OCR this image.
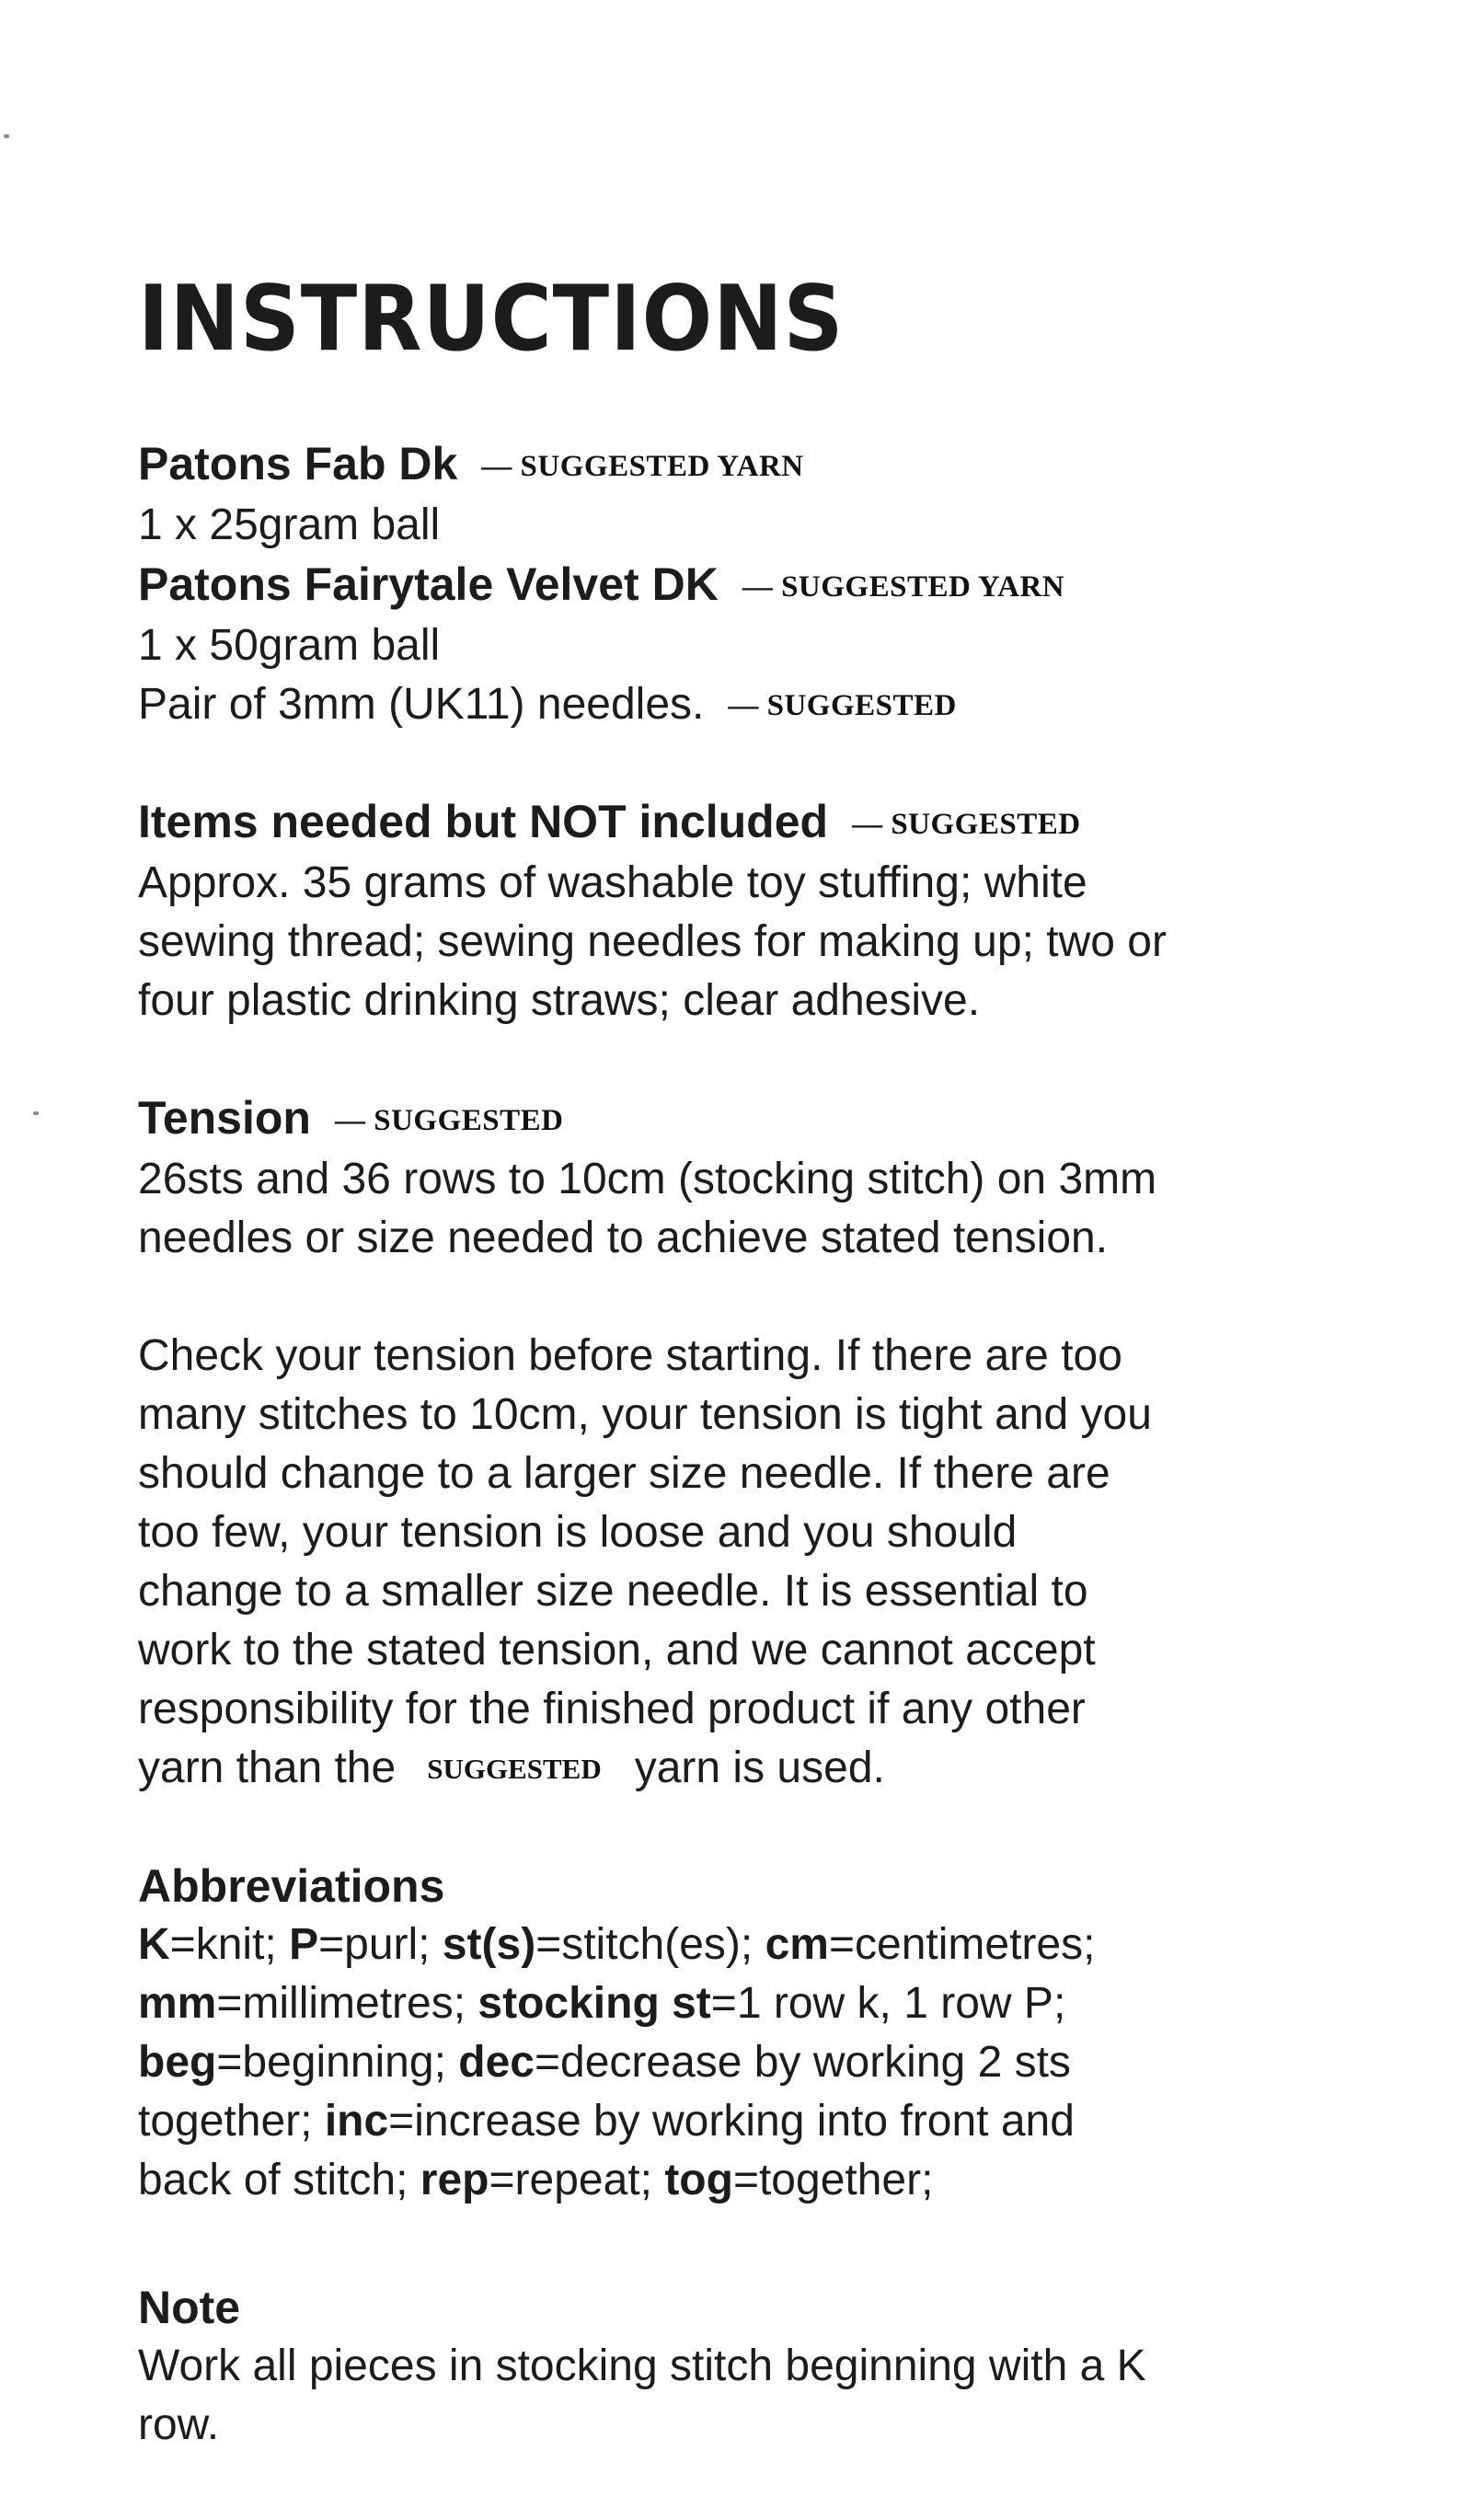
INSTRUCTIONS
Patons Fab Dk — SUGGESTED YARN
1 x 25gram ball
Patons Fairytale Velvet DK — SUGGESTED YARN
1 x 50gram ball
Pair of 3mm (UK11) needles. — SUGGESTED
Items needed but NOT included — SUGGESTED
Approx. 35 grams of washable toy stuffing; white
sewing thread; sewing needles for making up; two or
four plastic drinking straws; clear adhesive.
Tension — SUGGESTED
26sts and 36 rows to 10cm (stocking stitch) on 3mm
needles or size needed to achieve stated tension.
Check your tension before starting. If there are too
many stitches to 10cm, your tension is tight and you
should change to a larger size needle. If there are
too few, your tension is loose and you should
change to a smaller size needle. It is essential to
work to the stated tension, and we cannot accept
responsibility for the finished product if any other
yarn than the SUGGESTED yarn is used.
Abbreviations
K=knit; P=purl; st(s)=stitch(es); cm=centimetres;
mm=millimetres; stocking st=1 row k, 1 row P;
beg=beginning; dec=decrease by working 2 sts
together; inc=increase by working into front and
back of stitch; rep=repeat; tog=together;
Note
Work all pieces in stocking stitch beginning with a K
row.
